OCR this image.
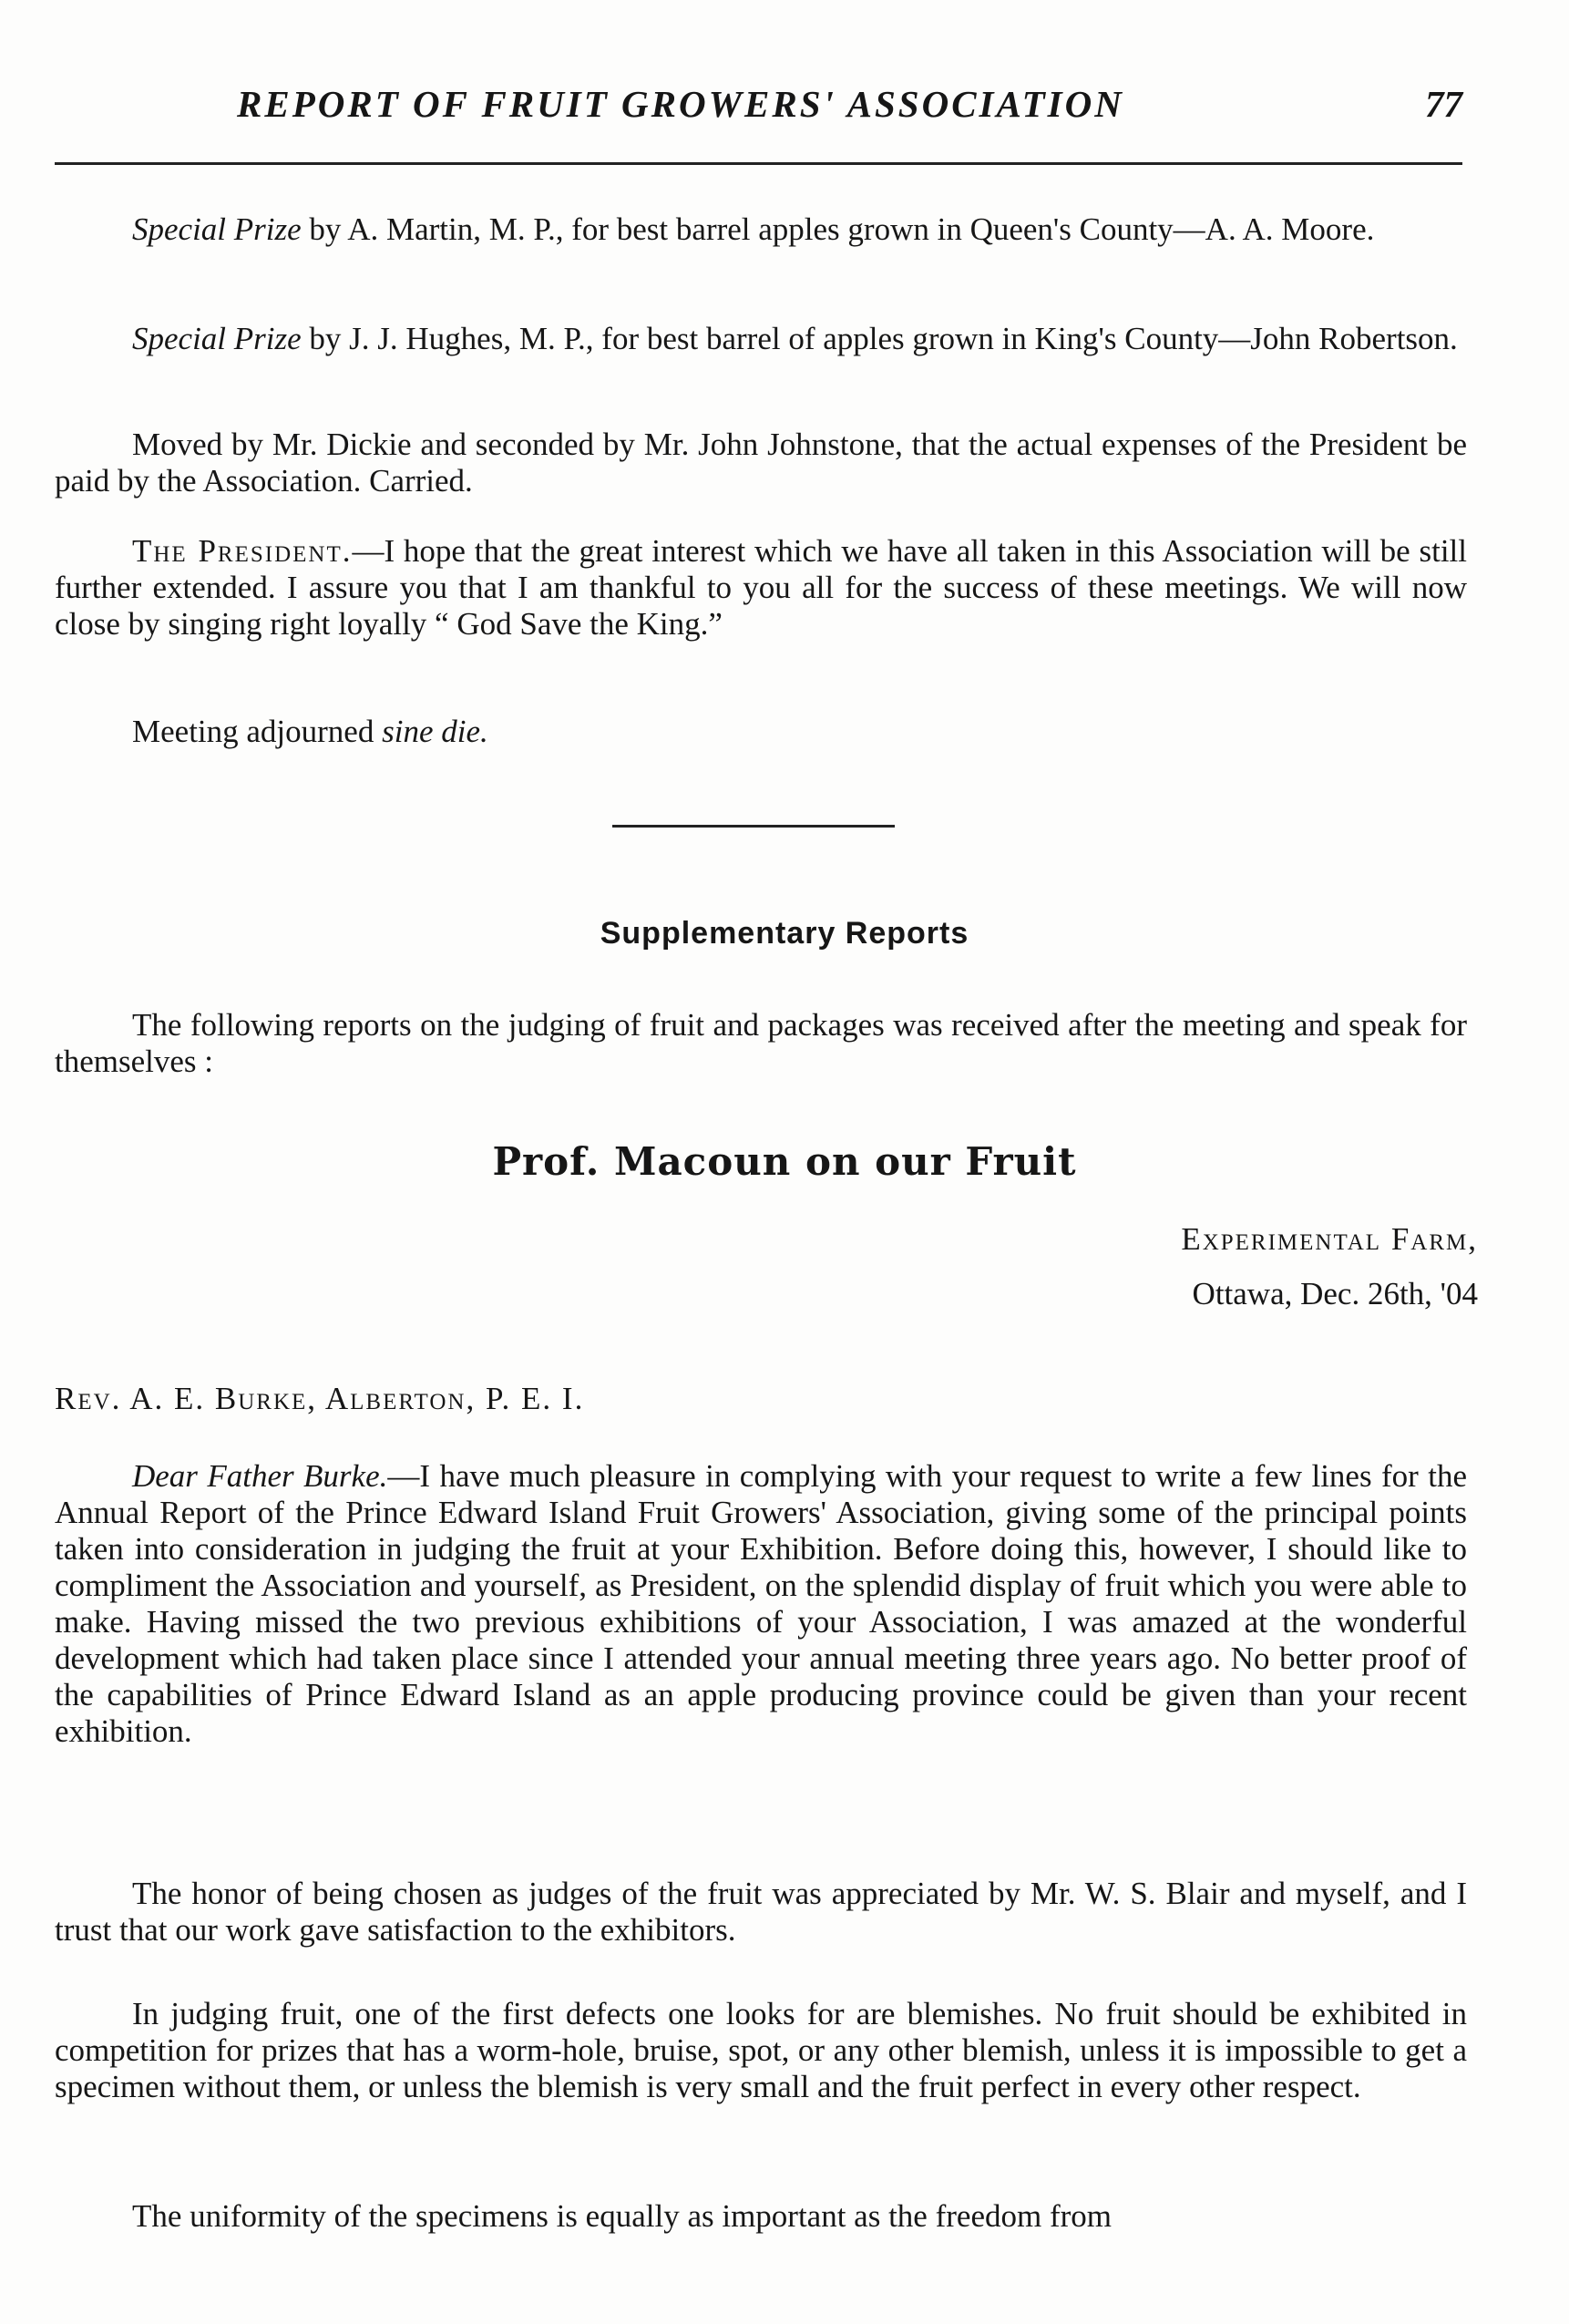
REPORT OF FRUIT GROWERS' ASSOCIATION	77

Special Prize by A. Martin, M. P., for best barrel apples grown in Queen's County—A. A. Moore.

Special Prize by J. J. Hughes, M. P., for best barrel of apples grown in King's County—John Robertson.

Moved by Mr. Dickie and seconded by Mr. John Johnstone, that the actual expenses of the President be paid by the Association. Carried.

The President.—I hope that the great interest which we have all taken in this Association will be still further extended. I assure you that I am thankful to you all for the success of these meetings. We will now close by singing right loyally “ God Save the King.”

Meeting adjourned sine die.

Supplementary Reports

The following reports on the judging of fruit and packages was received after the meeting and speak for themselves :

Prof. Macoun on our Fruit
Experimental Farm,
Ottawa, Dec. 26th, '04
Rev. A. E. Burke, Alberton, P. E. I.

Dear Father Burke.—I have much pleasure in complying with your request to write a few lines for the Annual Report of the Prince Edward Island Fruit Growers' Association, giving some of the principal points taken into consideration in judging the fruit at your Exhibition. Before doing this, however, I should like to compliment the Association and yourself, as President, on the splendid display of fruit which you were able to make. Having missed the two previous exhibitions of your Association, I was amazed at the wonderful development which had taken place since I attended your annual meeting three years ago. No better proof of the capabilities of Prince Edward Island as an apple producing province could be given than your recent exhibition.

The honor of being chosen as judges of the fruit was appreciated by Mr. W. S. Blair and myself, and I trust that our work gave satisfaction to the exhibitors.

In judging fruit, one of the first defects one looks for are blemishes. No fruit should be exhibited in competition for prizes that has a worm-hole, bruise, spot, or any other blemish, unless it is impossible to get a specimen without them, or unless the blemish is very small and the fruit perfect in every other respect.

The uniformity of the specimens is equally as important as the freedom from
